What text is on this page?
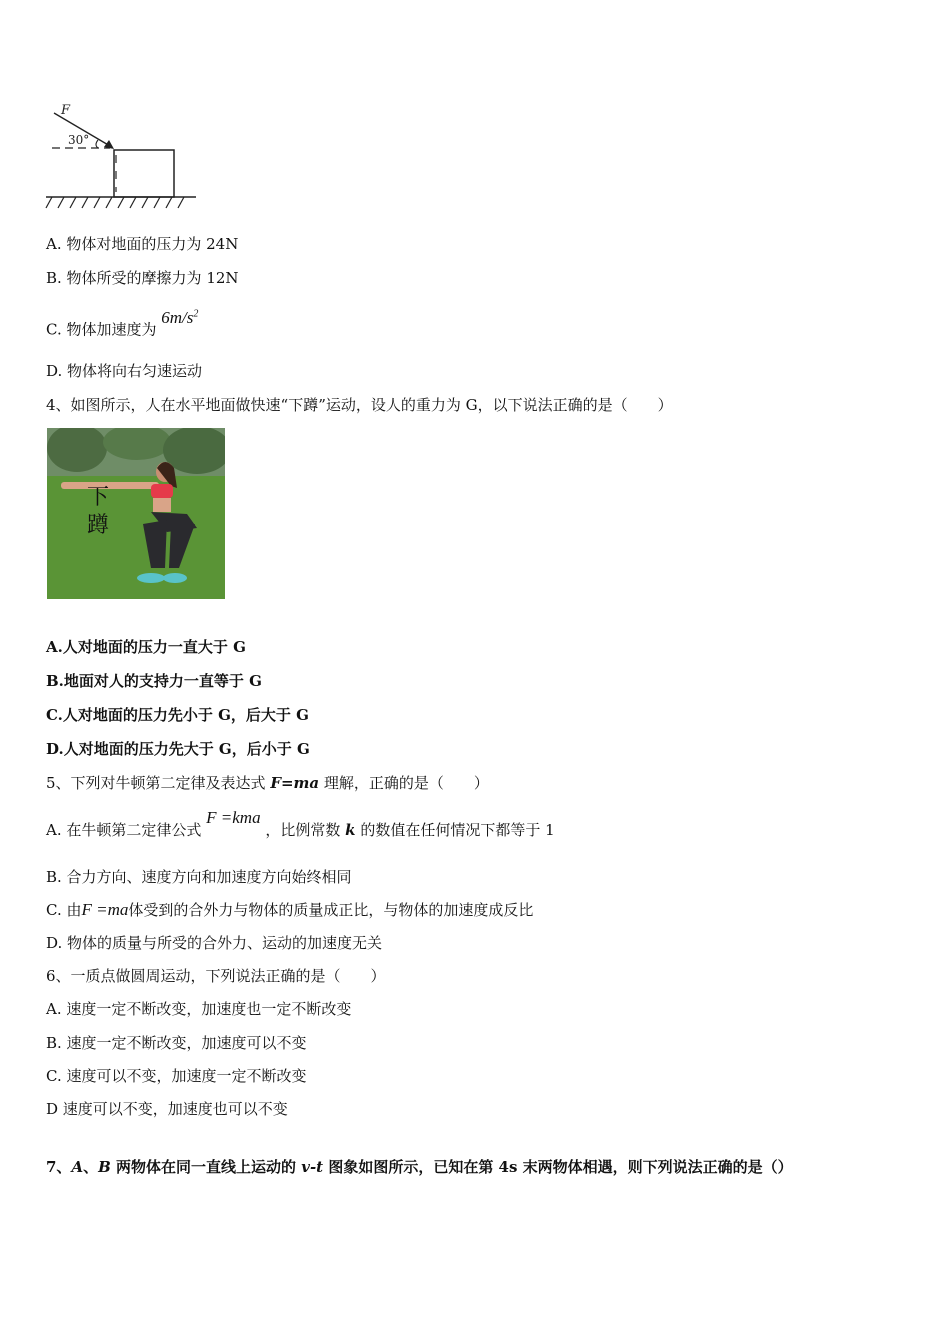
F
30°
A. 物体对地面的压力为 24N
B. 物体所受的摩擦力为 12N
C. 物体加速度为 $6m/s^2$
D. 物体将向右匀速运动
4、如图所示，人在水平地面做快速“下蹲”运动，设人的重力为 G，以下说法正确的是（　　）
下
蹲
A.人对地面的压力一直大于 G
B.地面对人的支持力一直等于 G
C.人对地面的压力先小于 G，后大于 G
D.人对地面的压力先大于 G，后小于 G
5、下列对牛顿第二定律及表达式 F=ma 理解，正确的是（　　）
A. 在牛顿第二定律公式 F =kma ，比例常数 k 的数值在任何情况下都等于 1
B. 合力方向、速度方向和加速度方向始终相同
C. 由F =ma体受到的合外力与物体的质量成正比，与物体的加速度成反比
D. 物体的质量与所受的合外力、运动的加速度无关
6、一质点做圆周运动，下列说法正确的是（　　）
A. 速度一定不断改变，加速度也一定不断改变
B. 速度一定不断改变，加速度可以不变
C. 速度可以不变，加速度一定不断改变
D 速度可以不变，加速度也可以不变
7、A、B 两物体在同一直线上运动的 v-t 图象如图所示，已知在第 4s 末两物体相遇，则下列说法正确的是（）
